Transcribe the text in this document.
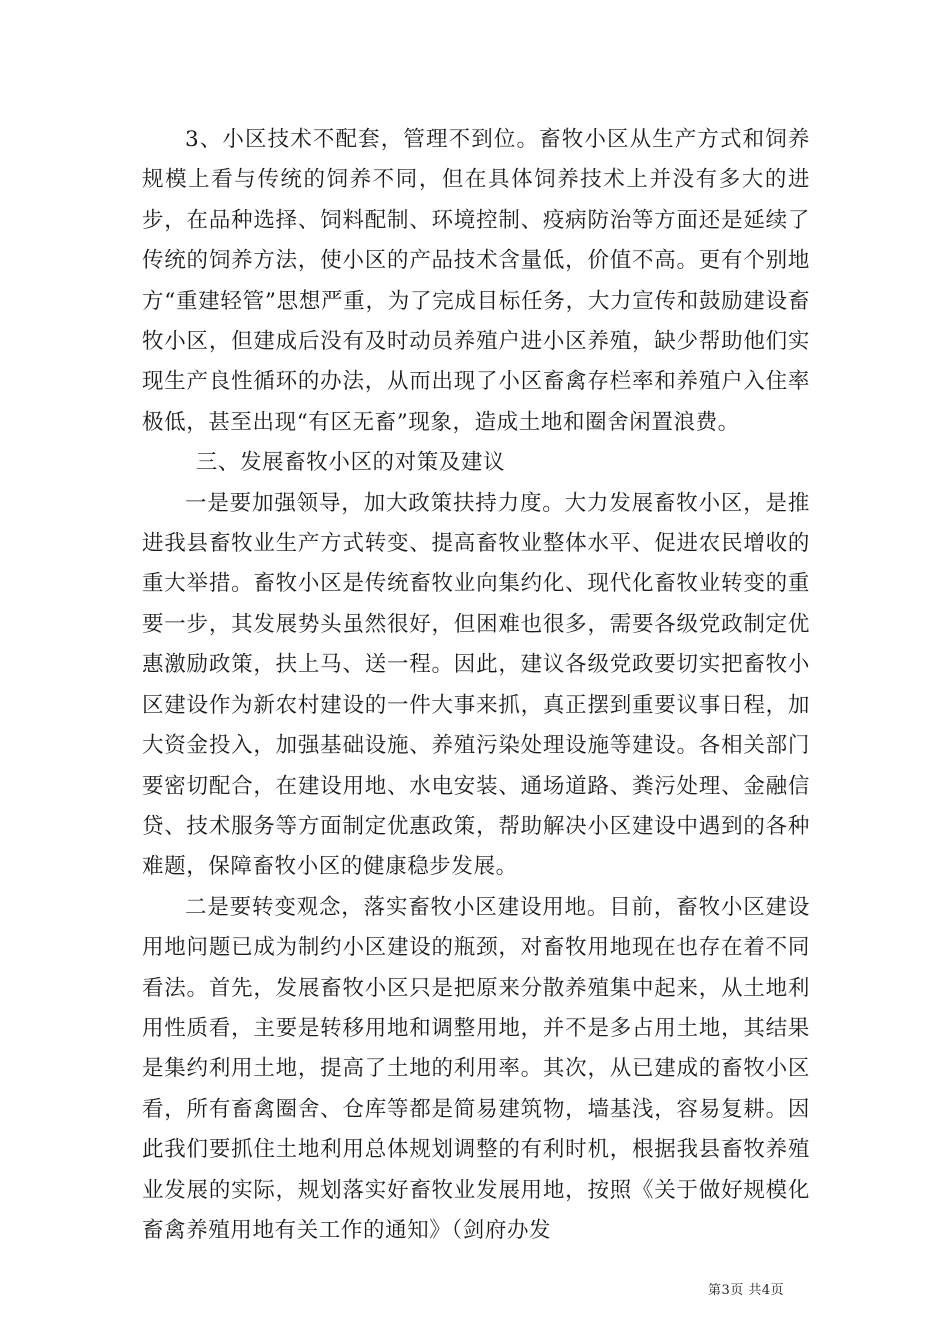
3、小区技术不配套，管理不到位。畜牧小区从生产方式和饲养规模上看与传统的饲养不同，但在具体饲养技术上并没有多大的进步，在品种选择、饲料配制、环境控制、疫病防治等方面还是延续了传统的饲养方法，使小区的产品技术含量低，价值不高。更有个别地方“重建轻管”思想严重，为了完成目标任务，大力宣传和鼓励建设畜牧小区，但建成后没有及时动员养殖户进小区养殖，缺少帮助他们实现生产良性循环的办法，从而出现了小区畜禽存栏率和养殖户入住率极低，甚至出现“有区无畜”现象，造成土地和圈舍闲置浪费。

三、发展畜牧小区的对策及建议

一是要加强领导，加大政策扶持力度。大力发展畜牧小区，是推进我县畜牧业生产方式转变、提高畜牧业整体水平、促进农民增收的重大举措。畜牧小区是传统畜牧业向集约化、现代化畜牧业转变的重要一步，其发展势头虽然很好，但困难也很多，需要各级党政制定优惠激励政策，扶上马、送一程。因此，建议各级党政要切实把畜牧小区建设作为新农村建设的一件大事来抓，真正摆到重要议事日程，加大资金投入，加强基础设施、养殖污染处理设施等建设。各相关部门要密切配合，在建设用地、水电安装、通场道路、粪污处理、金融信贷、技术服务等方面制定优惠政策，帮助解决小区建设中遇到的各种难题，保障畜牧小区的健康稳步发展。

二是要转变观念，落实畜牧小区建设用地。目前，畜牧小区建设用地问题已成为制约小区建设的瓶颈，对畜牧用地现在也存在着不同看法。首先，发展畜牧小区只是把原来分散养殖集中起来，从土地利用性质看，主要是转移用地和调整用地，并不是多占用土地，其结果是集约利用土地，提高了土地的利用率。其次，从已建成的畜牧小区看，所有畜禽圈舍、仓库等都是简易建筑物，墙基浅，容易复耕。因此我们要抓住土地利用总体规划调整的有利时机，根据我县畜牧养殖业发展的实际，规划落实好畜牧业发展用地，按照《关于做好规模化畜禽养殖用地有关工作的通知》（剑府办发

第3页 共4页
